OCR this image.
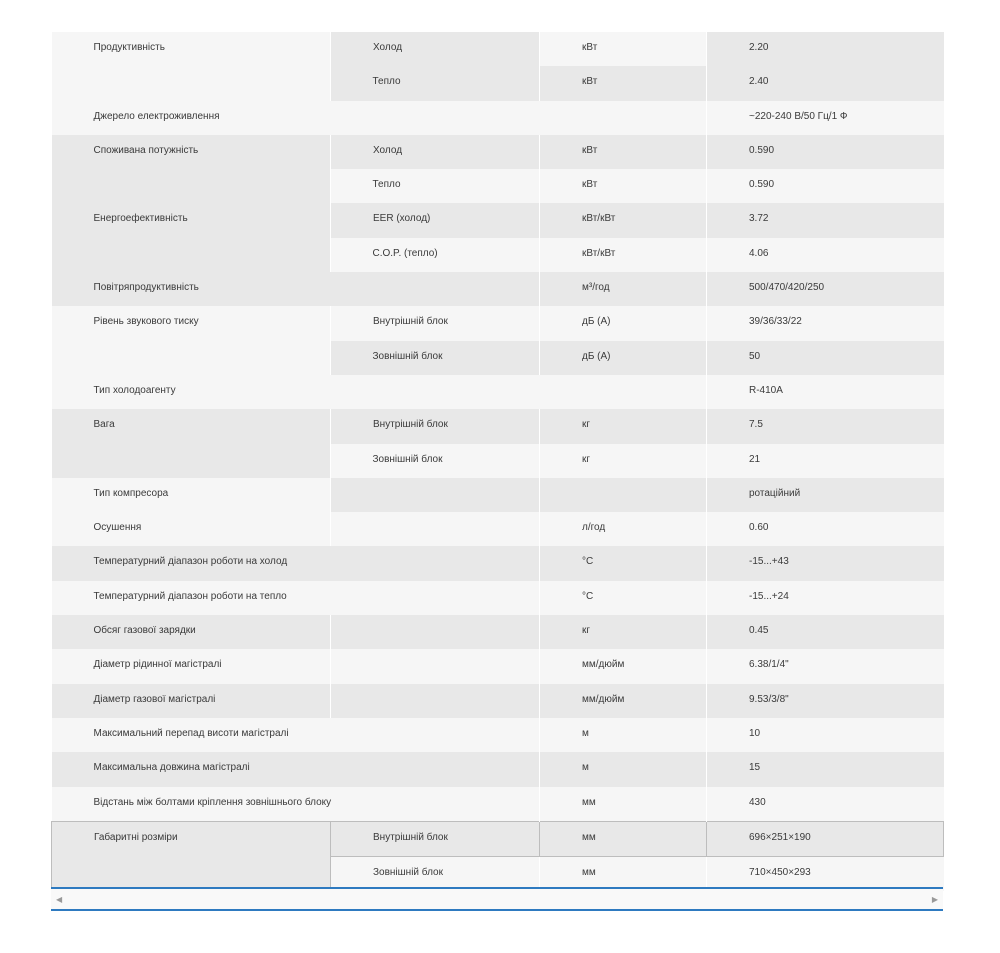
Продуктивність	Холод	кВт	2.20
	Тепло	кВт	2.40
Джерело електроживлення			~220-240 В/50 Гц/1 Ф
Споживана потужність	Холод	кВт	0.590
	Тепло	кВт	0.590
Енергоефективність	EER (холод)	кВт/кВт	3.72
	C.O.P. (тепло)	кВт/кВт	4.06
Повітряпродуктивність		м³/год	500/470/420/250
Рівень звукового тиску	Внутрішній блок	дБ (А)	39/36/33/22
	Зовнішній блок	дБ (А)	50
Тип холодоагенту			R-410A
Вага	Внутрішній блок	кг	7.5
	Зовнішній блок	кг	21
Тип компресора			ротаційний
Осушення		л/год	0.60
Температурний діапазон роботи на холод		°С	-15...+43
Температурний діапазон роботи на тепло		°С	-15...+24
Обсяг газової зарядки		кг	0.45
Діаметр рідинної магістралі		мм/дюйм	6.38/1/4"
Діаметр газової магістралі		мм/дюйм	9.53/3/8"
Максимальний перепад висоти магістралі		м	10
Максимальна довжина магістралі		м	15
Відстань між болтами кріплення зовнішнього блоку		мм	430
Габаритні розміри	Внутрішній блок	мм	696×251×190
	Зовнішній блок	мм	710×450×293
◀	▶
